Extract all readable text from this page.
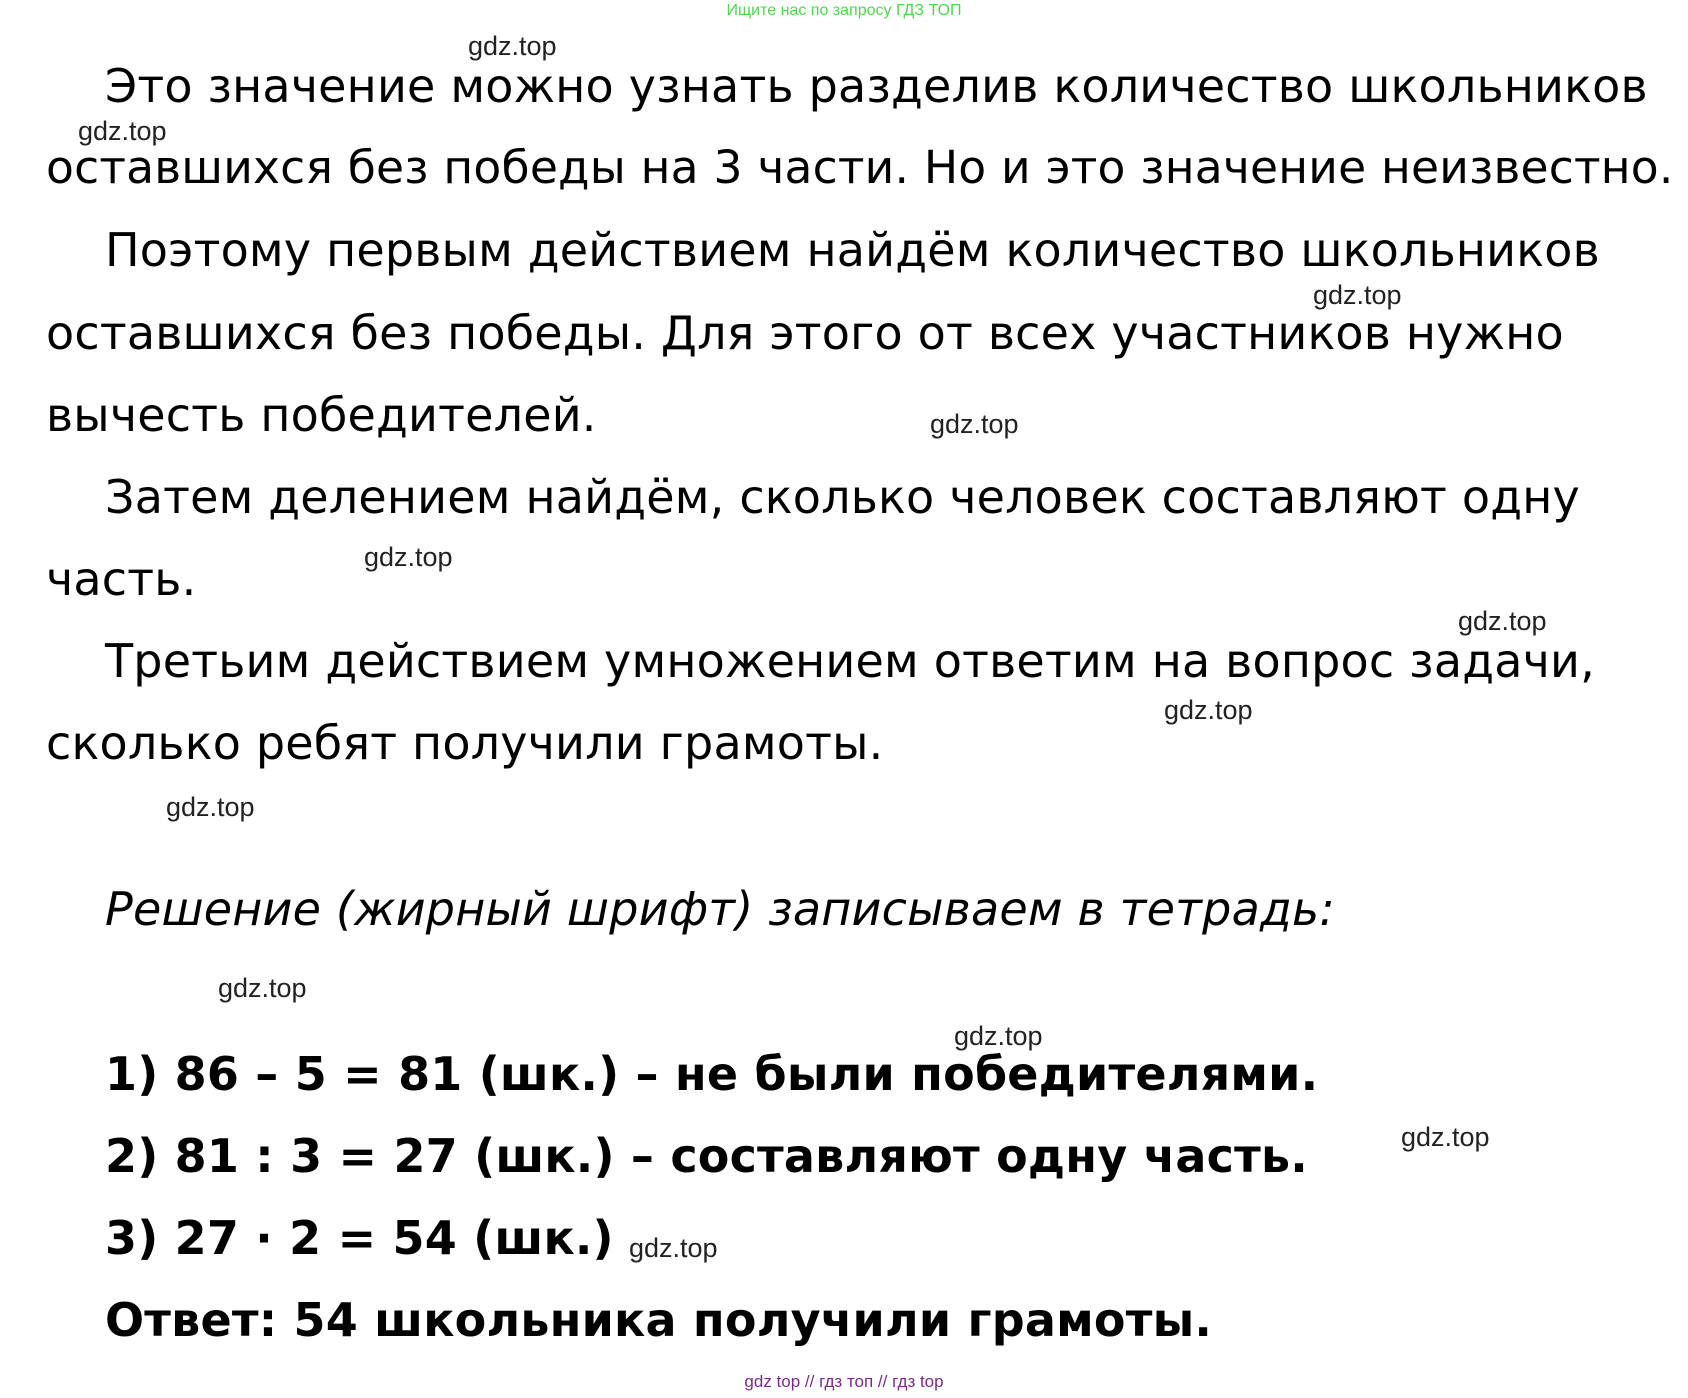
Ищите нас по запросу ГДЗ ТОП
Это значение можно узнать разделив количество школьников
оставшихся без победы на 3 части. Но и это значение неизвестно.
Поэтому первым действием найдём количество школьников
оставшихся без победы. Для этого от всех участников нужно
вычесть победителей.
Затем делением найдём, сколько человек составляют одну
часть.
Третьим действием умножением ответим на вопрос задачи,
сколько ребят получили грамоты.
Решение (жирный шрифт) записываем в тетрадь:
1) 86 – 5 = 81 (шк.) – не были победителями.
2) 81 : 3 = 27 (шк.) – составляют одну часть.
3) 27 · 2 = 54 (шк.)
Ответ: 54 школьника получили грамоты.
gdz.top
gdz.top
gdz.top
gdz.top
gdz.top
gdz.top
gdz.top
gdz.top
gdz.top
gdz.top
gdz.top
gdz.top
gdz top // гдз топ // гдз top
